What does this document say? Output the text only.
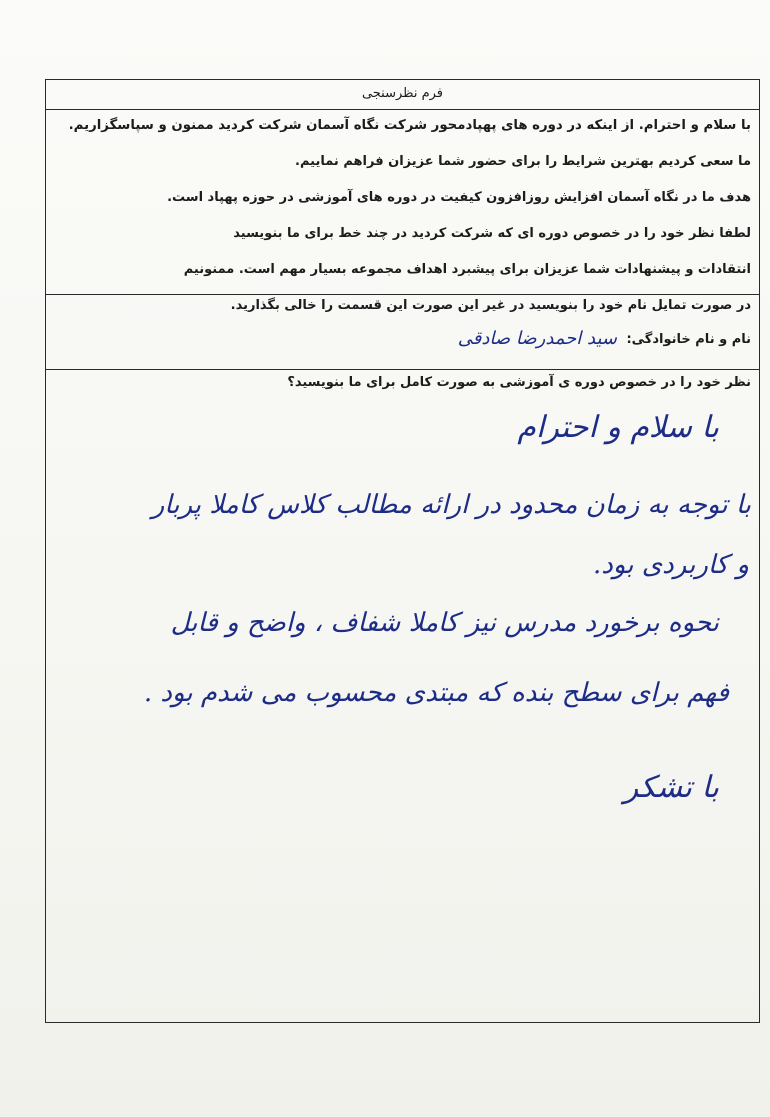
فرم نظرسنجی
با سلام و احترام. از اینکه در دوره های پهپادمحور شرکت نگاه آسمان شرکت کردید ممنون و سپاسگزاریم.
ما سعی کردیم بهترین شرایط را برای حضور شما عزیزان فراهم نماییم.
هدف ما در نگاه آسمان افزایش روزافزون کیفیت در دوره های آموزشی در حوزه پهپاد است.
لطفا نظر خود را در خصوص دوره ای که شرکت کردید در چند خط برای ما بنویسید
انتقادات و پیشنهادات شما عزیزان برای پیشبرد اهداف مجموعه بسیار مهم است. ممنونیم
در صورت تمایل نام خود را بنویسید در غیر این صورت این قسمت را خالی بگذارید.
نام و نام خانوادگی:
سید احمدرضا صادقی
نظر خود را در خصوص دوره ی آموزشی به صورت کامل برای ما بنویسید؟
با سلام و احترام
با توجه به زمان محدود در ارائه مطالب کلاس کاملا پربار
و کاربردی بود.
نحوه برخورد مدرس نیز کاملا شفاف ، واضح و قابل
فهم برای سطح بنده که مبتدی محسوب می شدم بود .
با تشکر
